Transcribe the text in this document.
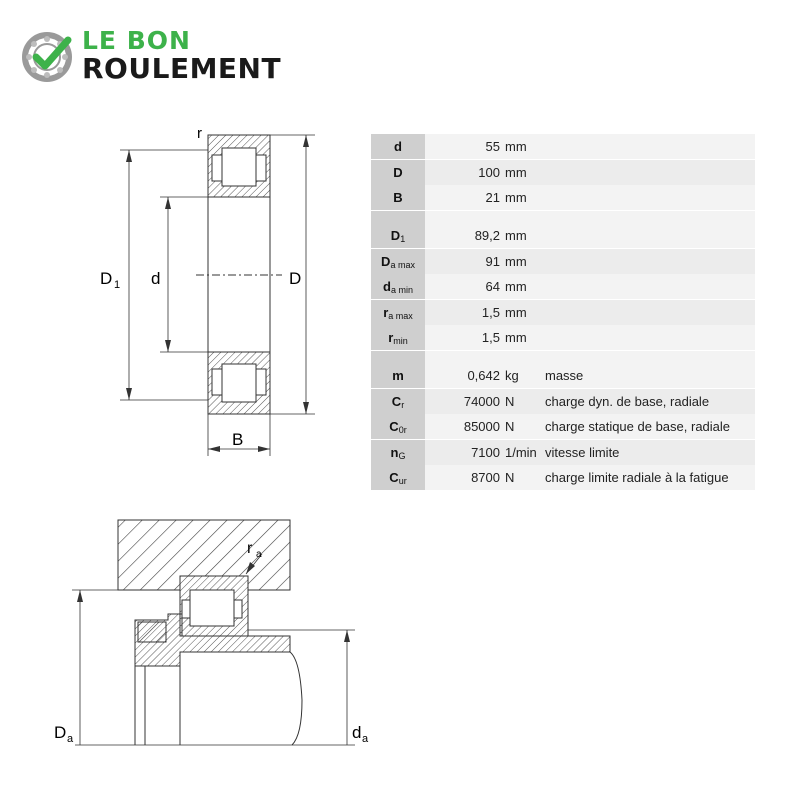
LE BON
ROULEMENT
r
D 1 d	D
B
r a
D a	d a
d	55 mm
D	100 mm
B	21 mm
$D_1$	89,2 mm
$D_{a max}$	91 mm
$d_{a min}$	64 mm
$r_{a max}$	1,5 mm
$r_{min}$	1,5 mm
m	0,642 kg masse
$C_r$	74000 N charge dyn. de base, radiale
$C_{0r}$	85000 N charge statique de base, radiale
$n_G$	7100 1/min vitesse limite
$C_{ur}$	8700 N charge limite radiale à la fatigue
